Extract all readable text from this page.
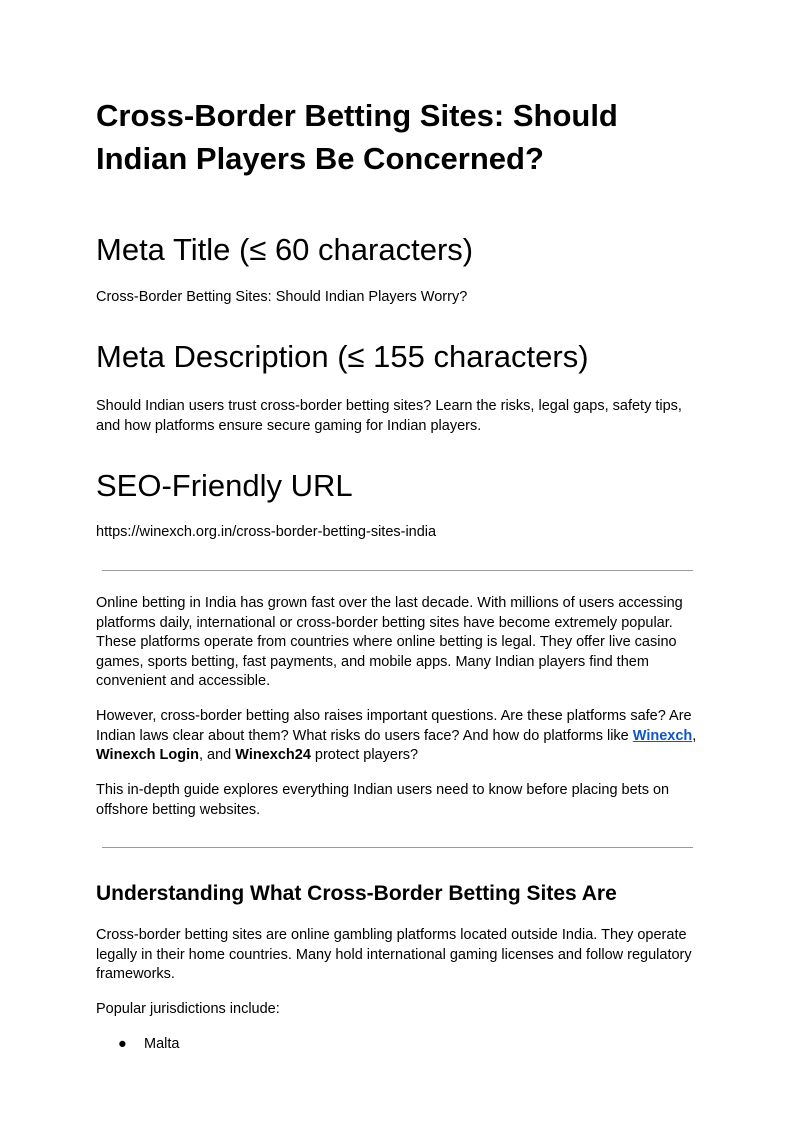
Cross-Border Betting Sites: Should Indian Players Be Concerned?
Meta Title (≤ 60 characters)

Cross-Border Betting Sites: Should Indian Players Worry?

Meta Description (≤ 155 characters)

Should Indian users trust cross-border betting sites? Learn the risks, legal gaps, safety tips, and how platforms ensure secure gaming for Indian players.

SEO-Friendly URL

https://winexch.org.in/cross-border-betting-sites-india

Online betting in India has grown fast over the last decade. With millions of users accessing platforms daily, international or cross-border betting sites have become extremely popular. These platforms operate from countries where online betting is legal. They offer live casino games, sports betting, fast payments, and mobile apps. Many Indian players find them convenient and accessible.

However, cross-border betting also raises important questions. Are these platforms safe? Are Indian laws clear about them? What risks do users face? And how do platforms like Winexch, Winexch Login, and Winexch24 protect players?

This in-depth guide explores everything Indian users need to know before placing bets on offshore betting websites.

Understanding What Cross-Border Betting Sites Are

Cross-border betting sites are online gambling platforms located outside India. They operate legally in their home countries. Many hold international gaming licenses and follow regulatory frameworks.

Popular jurisdictions include:

● Malta
